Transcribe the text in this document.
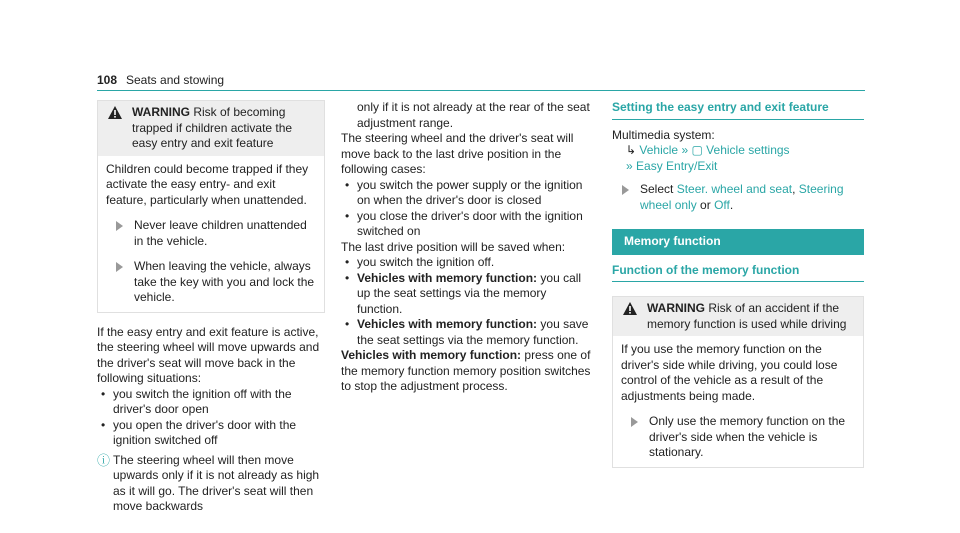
108 Seats and stowing
WARNING Risk of becoming trapped if children activate the easy entry and exit feature
Children could become trapped if they activate the easy entry- and exit feature, particularly when unattended.
Never leave children unattended in the vehicle.
When leaving the vehicle, always take the key with you and lock the vehicle.
If the easy entry and exit feature is active, the steering wheel will move upwards and the driver's seat will move back in the following situations:
• you switch the ignition off with the driver's door open
• you open the driver's door with the ignition switched off
ⓘ The steering wheel will then move upwards only if it is not already as high as it will go. The driver's seat will then move backwards
only if it is not already at the rear of the seat adjustment range.
The steering wheel and the driver's seat will move back to the last drive position in the following cases:
• you switch the power supply or the ignition on when the driver's door is closed
• you close the driver's door with the ignition switched on
The last drive position will be saved when:
• you switch the ignition off.
• Vehicles with memory function: you call up the seat settings via the memory function.
• Vehicles with memory function: you save the seat settings via the memory function.
Vehicles with memory function: press one of the memory function memory position switches to stop the adjustment process.
Setting the easy entry and exit feature
Multimedia system:
↳ Vehicle » ▢ Vehicle settings
» Easy Entry/Exit
Select Steer. wheel and seat, Steering wheel only or Off.
Memory function
Function of the memory function
WARNING Risk of an accident if the memory function is used while driving
If you use the memory function on the driver's side while driving, you could lose control of the vehicle as a result of the adjustments being made.
Only use the memory function on the driver's side when the vehicle is stationary.
